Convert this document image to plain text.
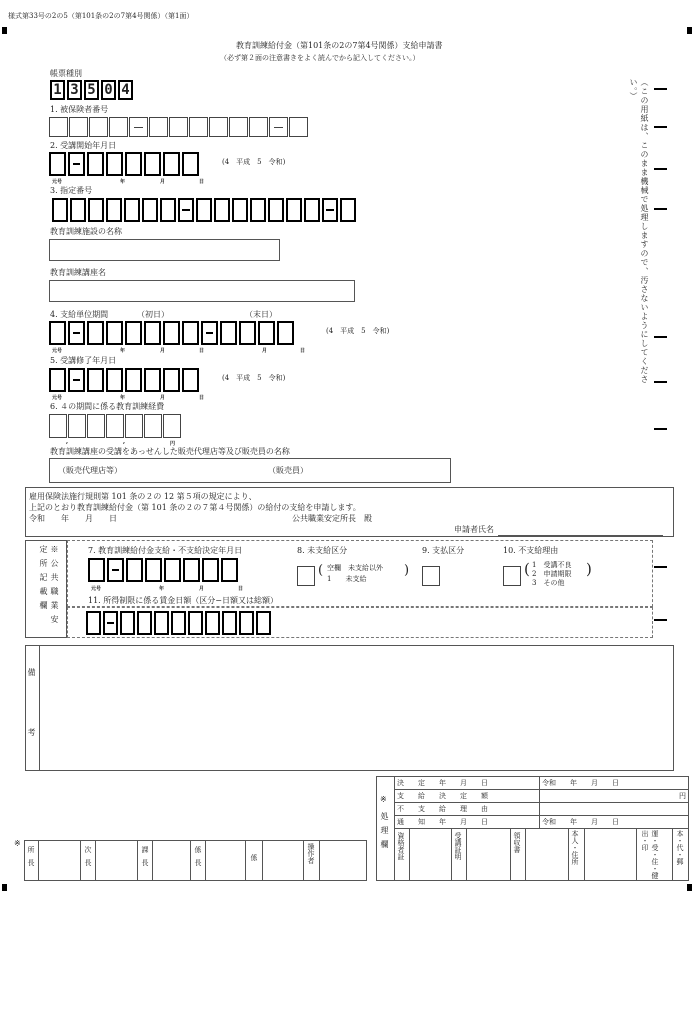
様式第33号の2の5（第101条の2の7第4号関係）（第1面）
教育訓練給付金（第101条の2の7第4号関係）支給申請書
（必ず第２面の注意書きをよく読んでから記入してください。）
帳票種別
1 3 5 0 4	（この用紙は、このまま機械で処理しますので、汚さないようにしてください。）
1. 被保険者番号
2. 受講開始年月日
(4　平成　5　令和)
元号	年	月	日
3. 指定番号
教育訓練施設の名称
教育訓練講座名
4. 支給単位期間	（初日）	（末日）
(4　平成　5　令和)
元号	年	月	日	月	日
5. 受講修了年月日
(4　平成　5　令和)
元号	年	月	日
6. ４の期間に係る教育訓練経費
,	,	円
教育訓練講座の受講をあっせんした販売代理店等及び販売員の名称
（販売代理店等）	（販売員）
雇用保険法施行規則第 101 条の２の 12 第５項の規定により、
上記のとおり教育訓練給付金（第 101 条の２の７第４号関係）の給付の支給を申請します。
令和　　年　　月　　日	公共職業安定所長　殿
申請者氏名
※公共職業安定所記載欄	7. 教育訓練給付金支給・不支給決定年月日
元号	年	月	日
8. 未支給区分
( 空欄　未支給以外
1　　未支給
)
9. 支払区分	10. 不支給理由
( 1　受講不良
2　申請期限
3　その他
)
11. 所得制限に係る賃金日額（区分−日額又は総額）
備　　　　考
※
処理欄
決　　定　　年　　月　　日	令和　　年　　月　　日
支　　給　　決　　定　　額	円
不　　支　　給　　理　　由	
通　　知　　年　　月　　日	令和　　年　　月　　日
資格者証	受講証明	領収書	本人・住所	運・受・住・健出・印	本・代・郵
※
所長	次長	課長	係長	係	操作者
